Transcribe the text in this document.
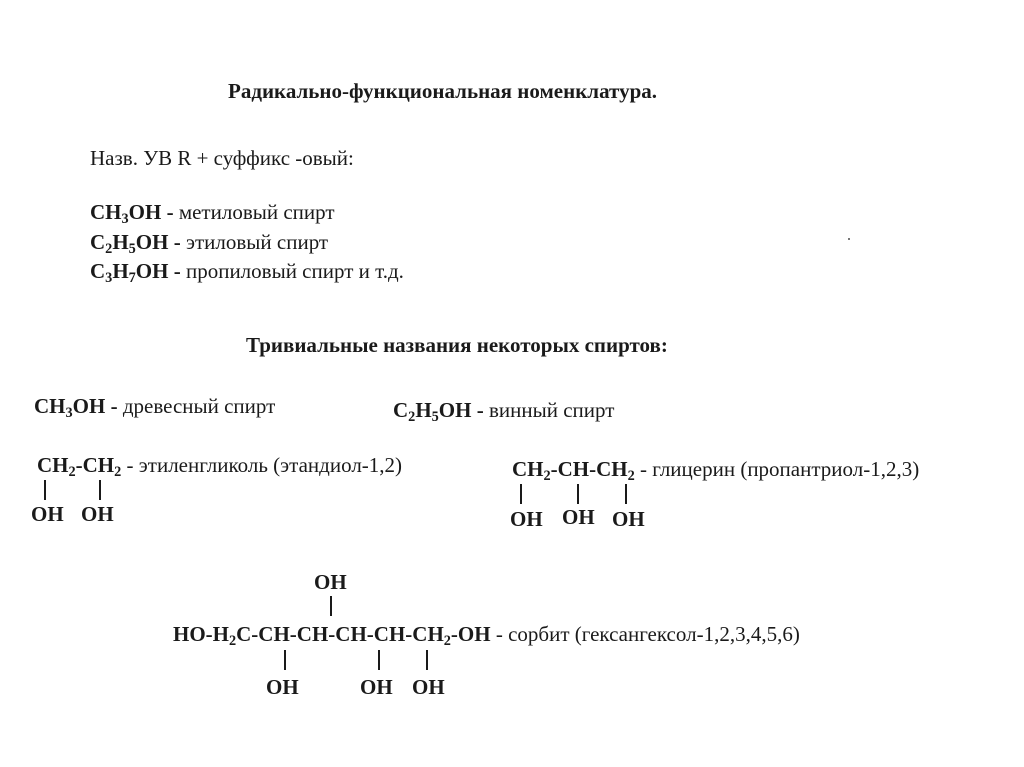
Радикально-функциональная номенклатура.
Назв. УВ R + суффикс -овый:
$CH_3OH$ - метиловый спирт
$C_2H_5OH$ - этиловый спирт
$C_3H_7OH$ - пропиловый спирт и т.д.
Тривиальные названия некоторых спиртов:
$CH_3OH$ - древесный спирт	$C_2H_5OH$ - винный спирт
$CH_2-CH_2$ - этиленгликоль (этандиол-1,2)
OH OH
$CH_2-CH-CH_2$ - глицерин (пропантриол-1,2,3)
OH OH OH
OH
$HO-H_2C-CH-CH-CH-CH-CH_2-OH$ - сорбит (гексангексол-1,2,3,4,5,6)
OH	OH OH
